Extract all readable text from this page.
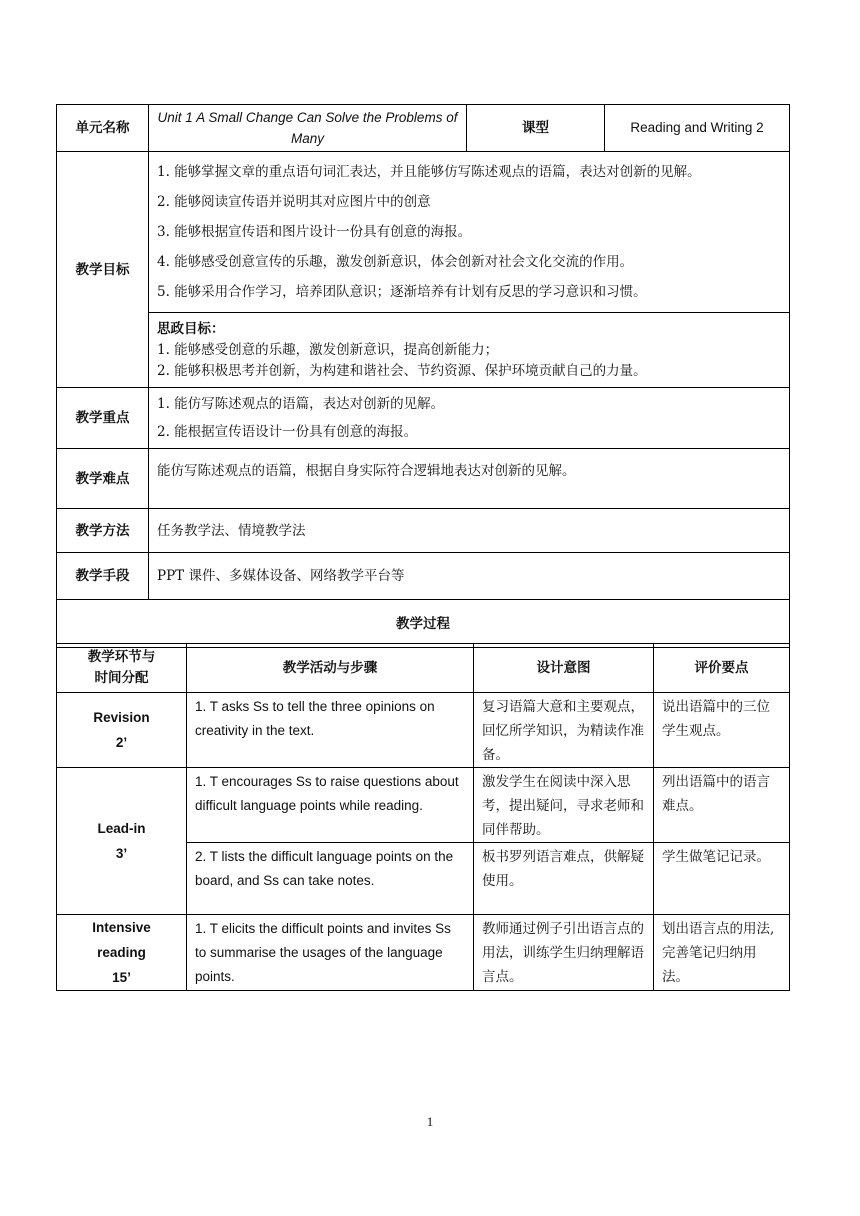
单元名称	Unit 1 A Small Change Can Solve the Problems of Many	课型	Reading and Writing 2
教学目标	1. 能够掌握文章的重点语句词汇表达，并且能够仿写陈述观点的语篇，表达对创新的见解。
2. 能够阅读宣传语并说明其对应图片中的创意
3. 能够根据宣传语和图片设计一份具有创意的海报。
4. 能够感受创意宣传的乐趣，激发创新意识，体会创新对社会文化交流的作用。
5. 能够采用合作学习，培养团队意识；逐渐培养有计划有反思的学习意识和习惯。		

	思政目标：
1. 能够感受创意的乐趣，激发创新意识，提高创新能力；
2. 能够积极思考并创新，为构建和谐社会、节约资源、保护环境贡献自己的力量。		

教学重点	1. 能仿写陈述观点的语篇，表达对创新的见解。
2. 能根据宣传语设计一份具有创意的海报。		

教学难点	能仿写陈述观点的语篇，根据自身实际符合逻辑地表达对创新的见解。		
教学方法	任务教学法、情境教学法		
教学手段	PPT 课件、多媒体设备、网络教学平台等		
教学过程			
教学环节与
时间分配	教学活动与步骤	设计意图	评价要点

Revision
2’	1. T asks Ss to tell the three opinions on creativity in the text.	复习语篇大意和主要观点，回忆所学知识，为精读作准备。	说出语篇中的三位学生观点。

Lead-in
3’	1. T encourages Ss to raise questions about difficult language points while reading.	激发学生在阅读中深入思考，提出疑问，寻求老师和同伴帮助。	列出语篇中的语言难点。
	2. T lists the difficult language points on the board, and Ss can take notes.	板书罗列语言难点，供解疑使用。	学生做笔记记录。

Intensive
reading
15’	1. T elicits the difficult points and invites Ss to summarise the usages of the language points.	教师通过例子引出语言点的用法，训练学生归纳理解语言点。	划出语言点的用法,完善笔记归纳用法。
1
